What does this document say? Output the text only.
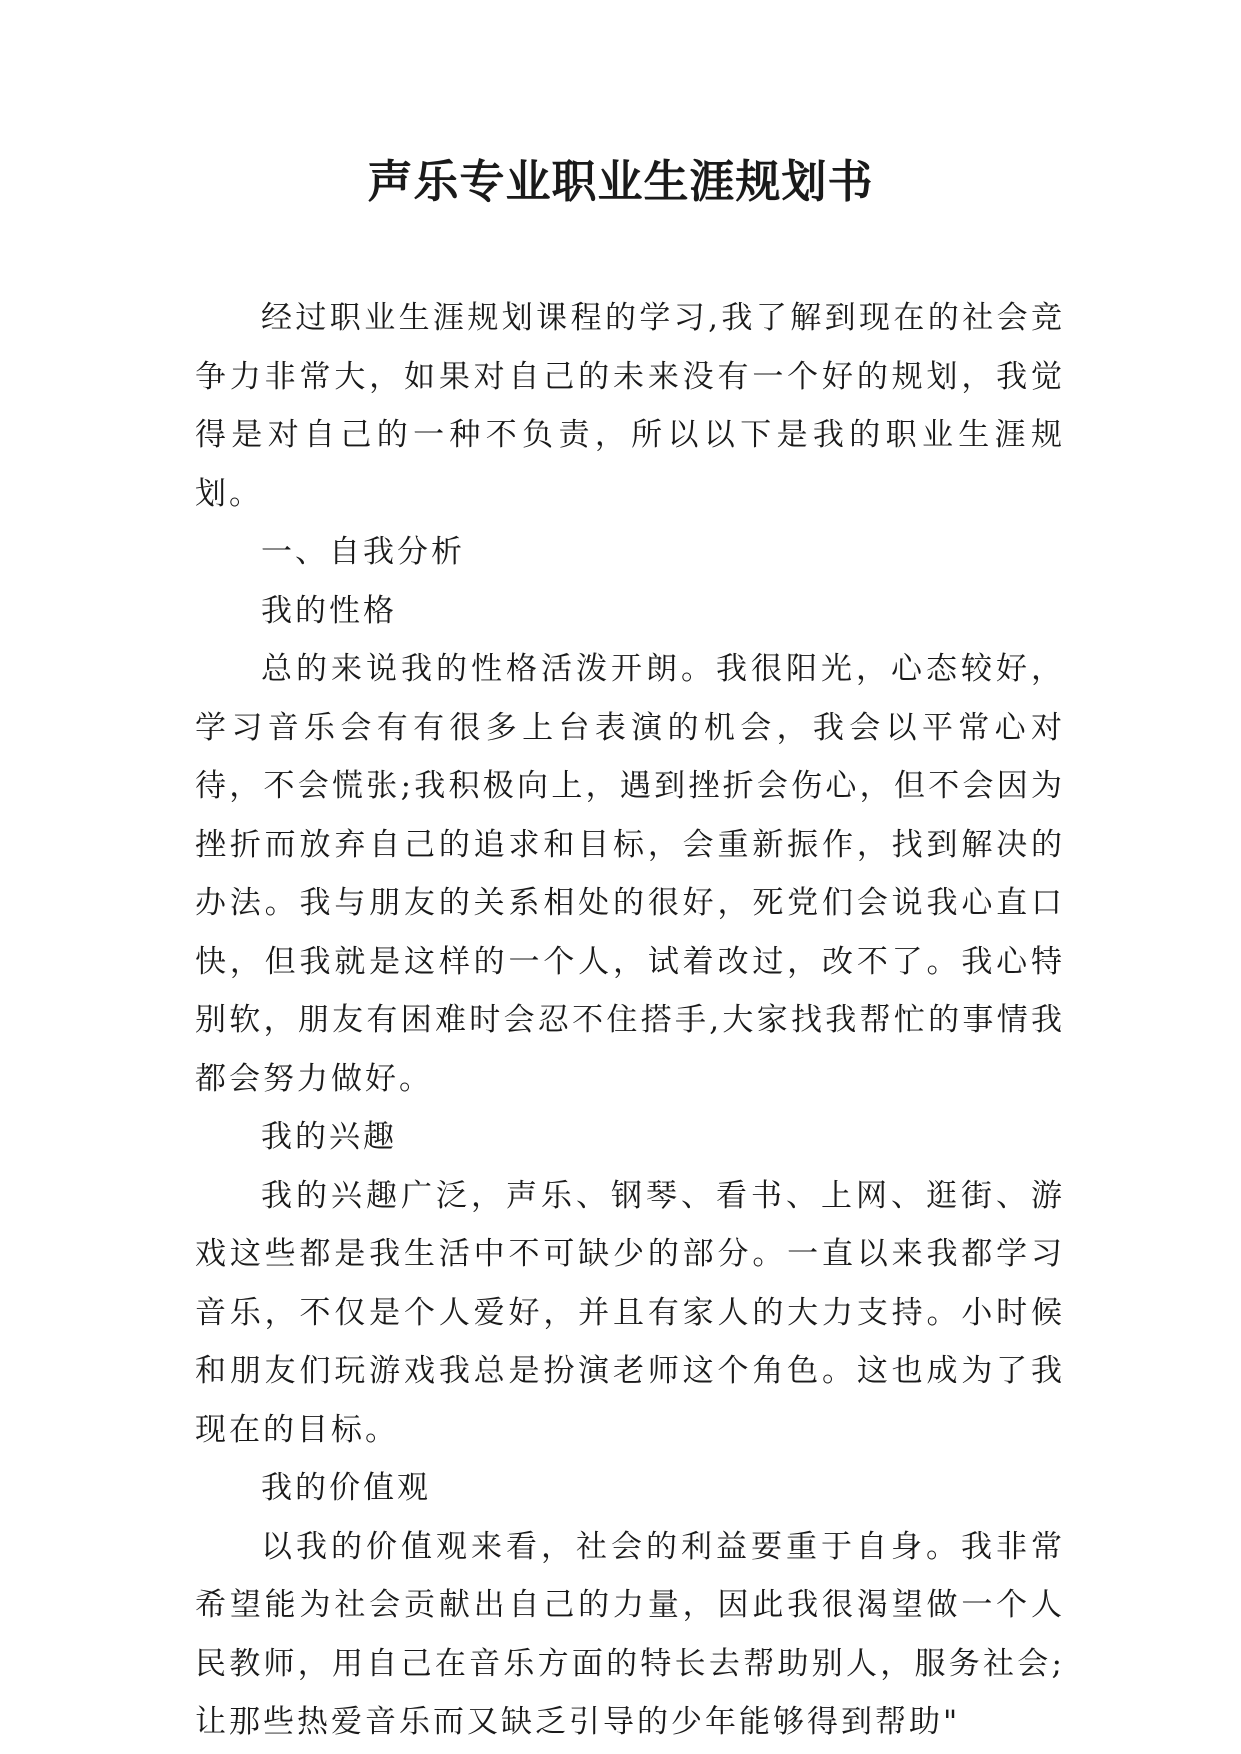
声乐专业职业生涯规划书

经过职业生涯规划课程的学习,我了解到现在的社会竞争力非常大，如果对自己的未来没有一个好的规划，我觉得是对自己的一种不负责，所以以下是我的职业生涯规划。

一、自我分析

我的性格

总的来说我的性格活泼开朗。我很阳光，心态较好，学习音乐会有有很多上台表演的机会，我会以平常心对待，不会慌张;我积极向上，遇到挫折会伤心，但不会因为挫折而放弃自己的追求和目标，会重新振作，找到解决的办法。我与朋友的关系相处的很好，死党们会说我心直口快，但我就是这样的一个人，试着改过，改不了。我心特别软，朋友有困难时会忍不住搭手,大家找我帮忙的事情我都会努力做好。

我的兴趣

我的兴趣广泛，声乐、钢琴、看书、上网、逛街、游戏这些都是我生活中不可缺少的部分。一直以来我都学习音乐，不仅是个人爱好，并且有家人的大力支持。小时候和朋友们玩游戏我总是扮演老师这个角色。这也成为了我现在的目标。

我的价值观

以我的价值观来看，社会的利益要重于自身。我非常希望能为社会贡献出自己的力量，因此我很渴望做一个人民教师，用自己在音乐方面的特长去帮助别人，服务社会;让那些热爱音乐而又缺乏引导的少年能够得到帮助"
